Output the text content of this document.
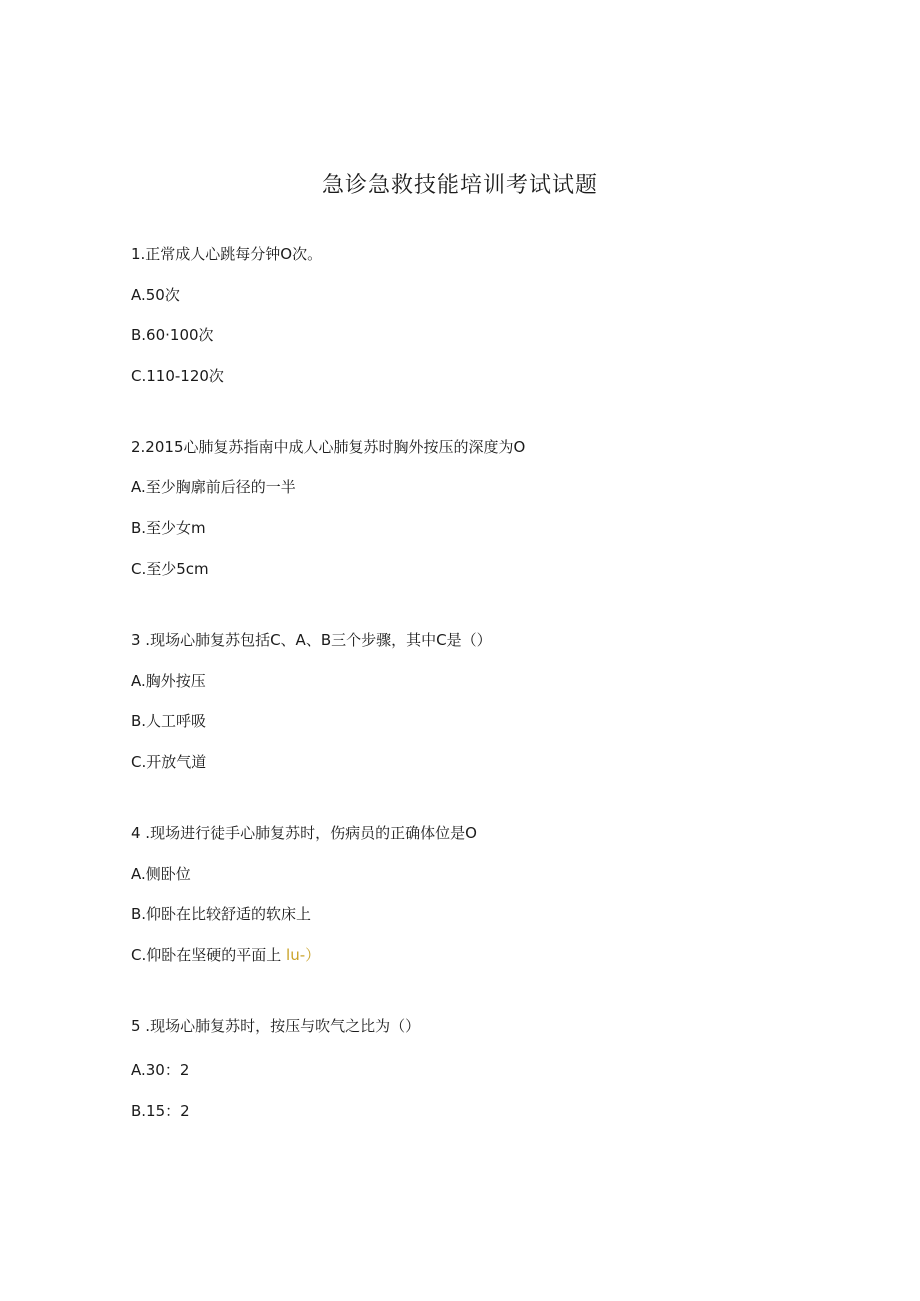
急诊急救技能培训考试试题
1.正常成人心跳每分钟O次。
A.50次
B.60·100次
C.110-120次
2.2015心肺复苏指南中成人心肺复苏时胸外按压的深度为O
A.至少胸廓前后径的一半
B.至少女m
C.至少5cm
3 .现场心肺复苏包括C、A、B三个步骤，其中C是（）
A.胸外按压
B.人工呼吸
C.开放气道
4 .现场进行徒手心肺复苏时，伤病员的正确体位是O
A.侧卧位
B.仰卧在比较舒适的软床上
C.仰卧在坚硬的平面上 lu-）
5 .现场心肺复苏时，按压与吹气之比为（）
A.30：2
B.15：2
